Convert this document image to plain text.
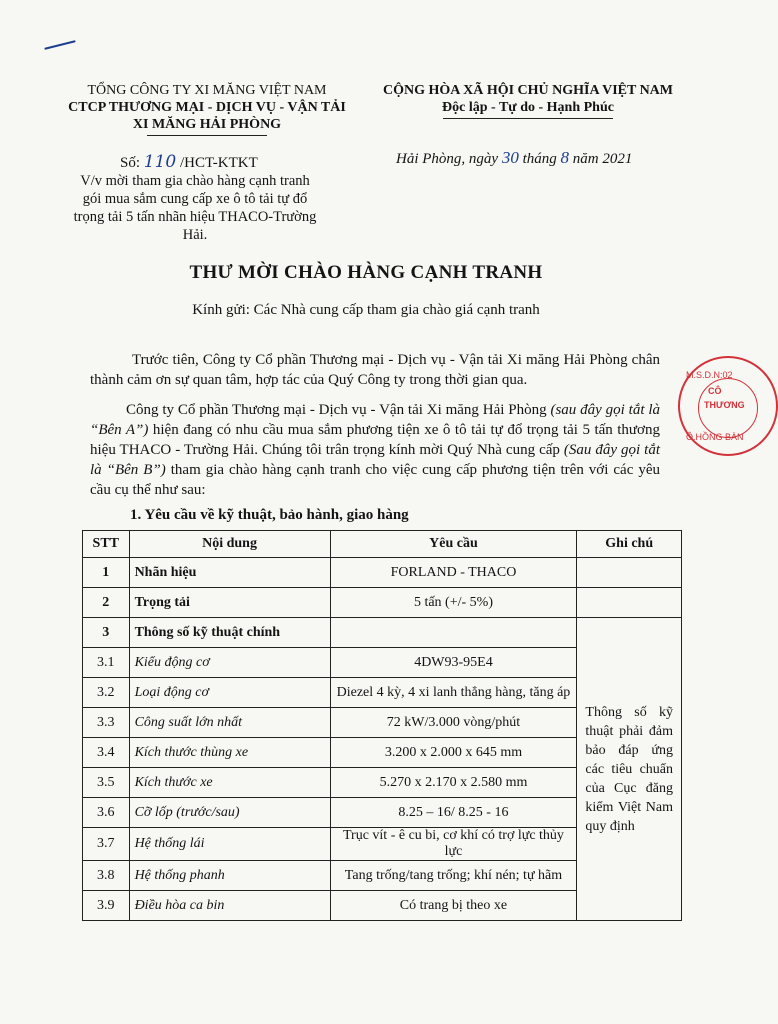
TỔNG CÔNG TY XI MĂNG VIỆT NAM
CTCP THƯƠNG MẠI - DỊCH VỤ - VẬN TẢI
XI MĂNG HẢI PHÒNG
CỘNG HÒA XÃ HỘI CHỦ NGHĨA VIỆT NAM
Độc lập - Tự do - Hạnh Phúc
Số: 110 /HCT-KTKT
V/v mời tham gia chào hàng cạnh tranh gói mua sắm cung cấp xe ô tô tải tự đổ trọng tải 5 tấn nhãn hiệu THACO-Trường Hải.
Hải Phòng, ngày 30 tháng 8 năm 2021
THƯ MỜI CHÀO HÀNG CẠNH TRANH
Kính gửi: Các Nhà cung cấp tham gia chào giá cạnh tranh
Trước tiên, Công ty Cổ phần Thương mại - Dịch vụ - Vận tải Xi măng Hải Phòng chân thành cảm ơn sự quan tâm, hợp tác của Quý Công ty trong thời gian qua.
Công ty Cổ phần Thương mại - Dịch vụ - Vận tải Xi măng Hải Phòng (sau đây gọi tắt là “Bên A”) hiện đang có nhu cầu mua sắm phương tiện xe ô tô tải tự đổ trọng tải 5 tấn thương hiệu THACO - Trường Hải. Chúng tôi trân trọng kính mời Quý Nhà cung cấp (Sau đây gọi tắt là “Bên B”) tham gia chào hàng cạnh tranh cho việc cung cấp phương tiện trên với các yêu cầu cụ thể như sau:
1. Yêu cầu về kỹ thuật, bảo hành, giao hàng
STT	Nội dung	Yêu cầu	Ghi chú
1	Nhãn hiệu	FORLAND - THACO	
2	Trọng tải	5 tấn (+/- 5%)	
3	Thông số kỹ thuật chính		Thông số kỹ thuật phải đảm bảo đáp ứng các tiêu chuẩn của Cục đăng kiểm Việt Nam quy định
3.1	Kiểu động cơ	4DW93-95E4	
3.2	Loại động cơ	Diezel 4 kỳ, 4 xi lanh thẳng hàng, tăng áp	
3.3	Công suất lớn nhất	72 kW/3.000 vòng/phút	
3.4	Kích thước thùng xe	3.200 x 2.000 x 645 mm	
3.5	Kích thước xe	5.270 x 2.170 x 2.580 mm	
3.6	Cỡ lốp (trước/sau)	8.25 – 16/ 8.25 - 16	
3.7	Hệ thống lái	Trục vít - ê cu bi, cơ khí có trợ lực thủy lực	
3.8	Hệ thống phanh	Tang trống/tang trống; khí nén; tự hãm	
3.9	Điều hòa ca bin	Có trang bị theo xe	
M.S.D.N:02
CÔ
THƯƠNG
Ô.HỒNG BÀN
